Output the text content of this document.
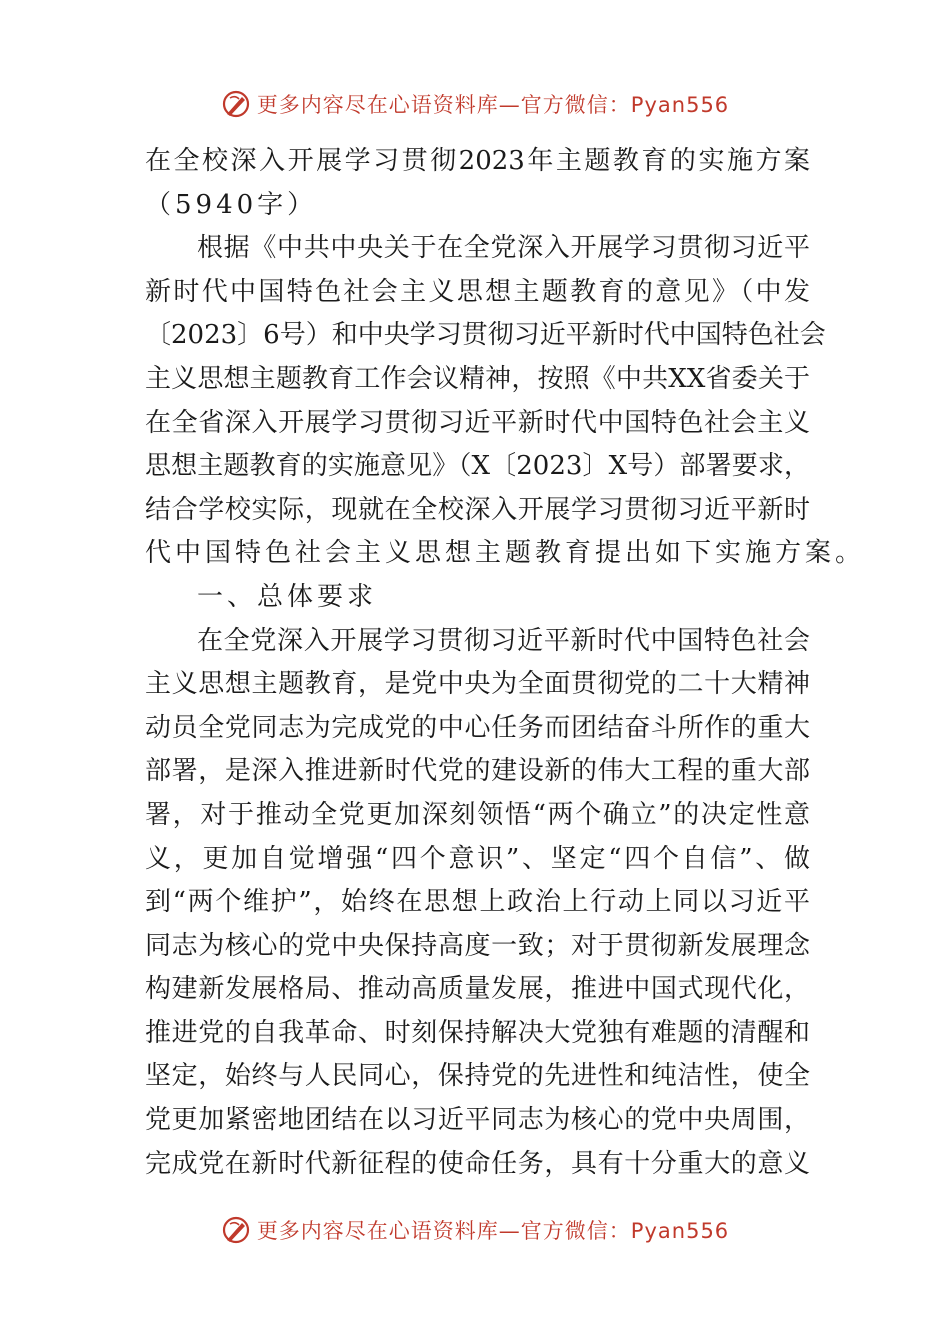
更多内容尽在心语资料库—官方微信：Pyan556
在全校深入开展学习贯彻2023年主题教育的实施方案
（5940字）
根据《中共中央关于在全党深入开展学习贯彻习近平
新时代中国特色社会主义思想主题教育的意见》（中发
〔2023〕6号）和中央学习贯彻习近平新时代中国特色社会
主义思想主题教育工作会议精神，按照《中共XX省委关于
在全省深入开展学习贯彻习近平新时代中国特色社会主义
思想主题教育的实施意见》（X〔2023〕X号）部署要求，
结合学校实际，现就在全校深入开展学习贯彻习近平新时
代中国特色社会主义思想主题教育提出如下实施方案。
一、总体要求
在全党深入开展学习贯彻习近平新时代中国特色社会
主义思想主题教育，是党中央为全面贯彻党的二十大精神
动员全党同志为完成党的中心任务而团结奋斗所作的重大
部署，是深入推进新时代党的建设新的伟大工程的重大部
署，对于推动全党更加深刻领悟“两个确立”的决定性意
义，更加自觉增强“四个意识”、坚定“四个自信”、做
到“两个维护”，始终在思想上政治上行动上同以习近平
同志为核心的党中央保持高度一致；对于贯彻新发展理念
构建新发展格局、推动高质量发展，推进中国式现代化，
推进党的自我革命、时刻保持解决大党独有难题的清醒和
坚定，始终与人民同心，保持党的先进性和纯洁性，使全
党更加紧密地团结在以习近平同志为核心的党中央周围，
完成党在新时代新征程的使命任务，具有十分重大的意义
更多内容尽在心语资料库—官方微信：Pyan556
